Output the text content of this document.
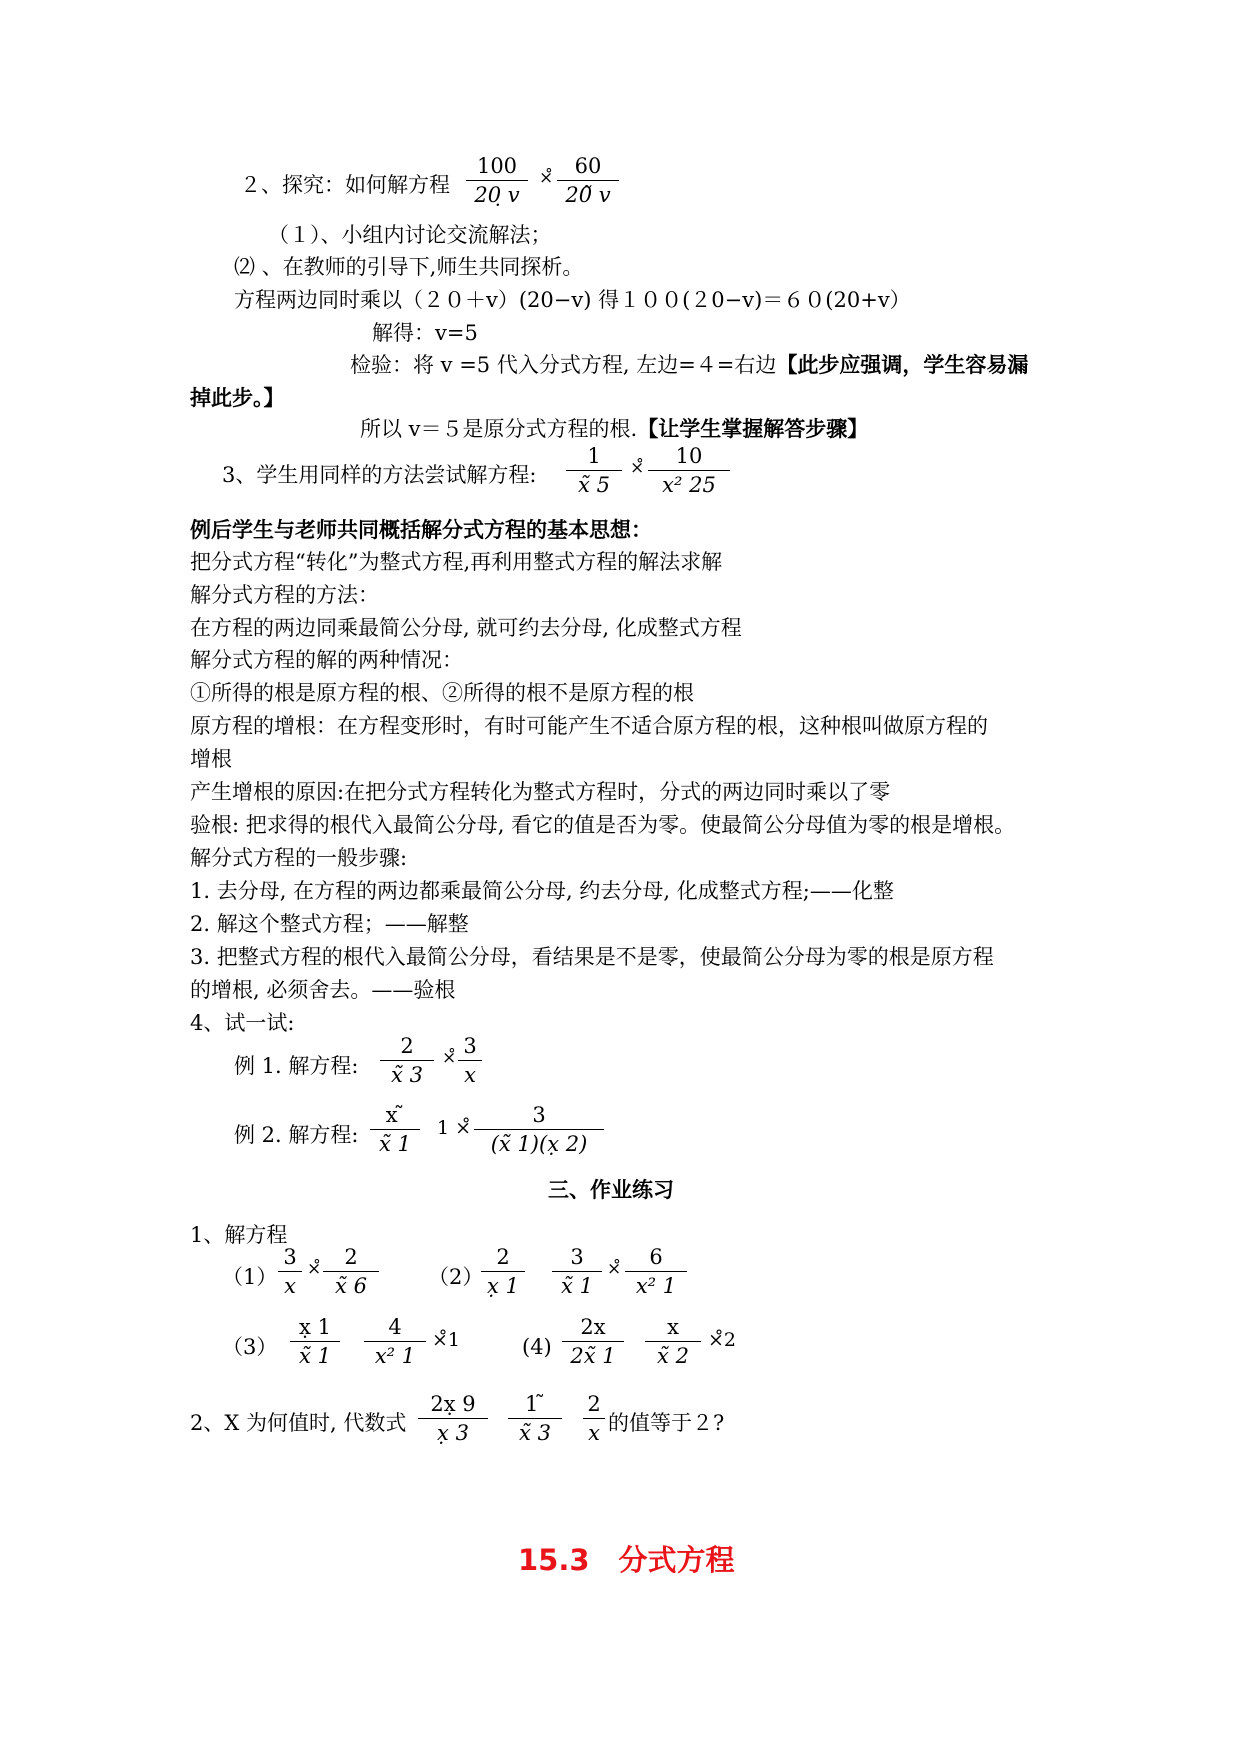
２、探究：如何解方程
100
20̣ v
×̊	60
20̃ v
（１）、小组内讨论交流解法；
⑵ 、在教师的引导下,师生共同探析。
方程两边同时乘以（２０＋v）(20−v) 得１００(２0−v)＝６０(20+v）
解得：v=5
检验：将 v =5 代入分式方程, 左边=４=右边【此步应强调，学生容易漏
掉此步。】
所以 v＝５是原分式方程的根.【让学生掌握解答步骤】
3、学生用同样的方法尝试解方程:
1
x̃ 5
×̊	10
x² 25
例后学生与老师共同概括解分式方程的基本思想：
把分式方程“转化”为整式方程,再利用整式方程的解法求解
解分式方程的方法：
在方程的两边同乘最简公分母, 就可约去分母, 化成整式方程
解分式方程的解的两种情况：
①所得的根是原方程的根、②所得的根不是原方程的根
原方程的增根：在方程变形时，有时可能产生不适合原方程的根，这种根叫做原方程的
增根
产生增根的原因:在把分式方程转化为整式方程时，分式的两边同时乘以了零
验根: 把求得的根代入最简公分母, 看它的值是否为零。使最简公分母值为零的根是增根。
解分式方程的一般步骤:
1. 去分母, 在方程的两边都乘最简公分母, 约去分母, 化成整式方程;——化整
2. 解这个整式方程；——解整
3. 把整式方程的根代入最简公分母，看结果是不是零，使最简公分母为零的根是原方程
的增根, 必须舍去。——验根
4、试一试:
例 1. 解方程:
2
x̃ 3
×̊ 3
x
例 2. 解方程:
x ̃
x̃ 1
1 ×̊
3
(x̃ 1)(x̣ 2)
三、作业练习
1、解方程
（1）
3
x
×̊	2
x̃ 6	（2）
2
x̣ 1
3
x̃ 1
×̊	6
x² 1
（3）
x̣ 1
x̃ 1
4
x² 1
×̊1	(4)
2x
2x̃ 1
x
x̃ 2
×̊2
2、X 为何值时, 代数式
2x̣ 9
x̣ 3
1 ̃
x̃ 3
2
x 的值等于２?
15.3　分式方程
